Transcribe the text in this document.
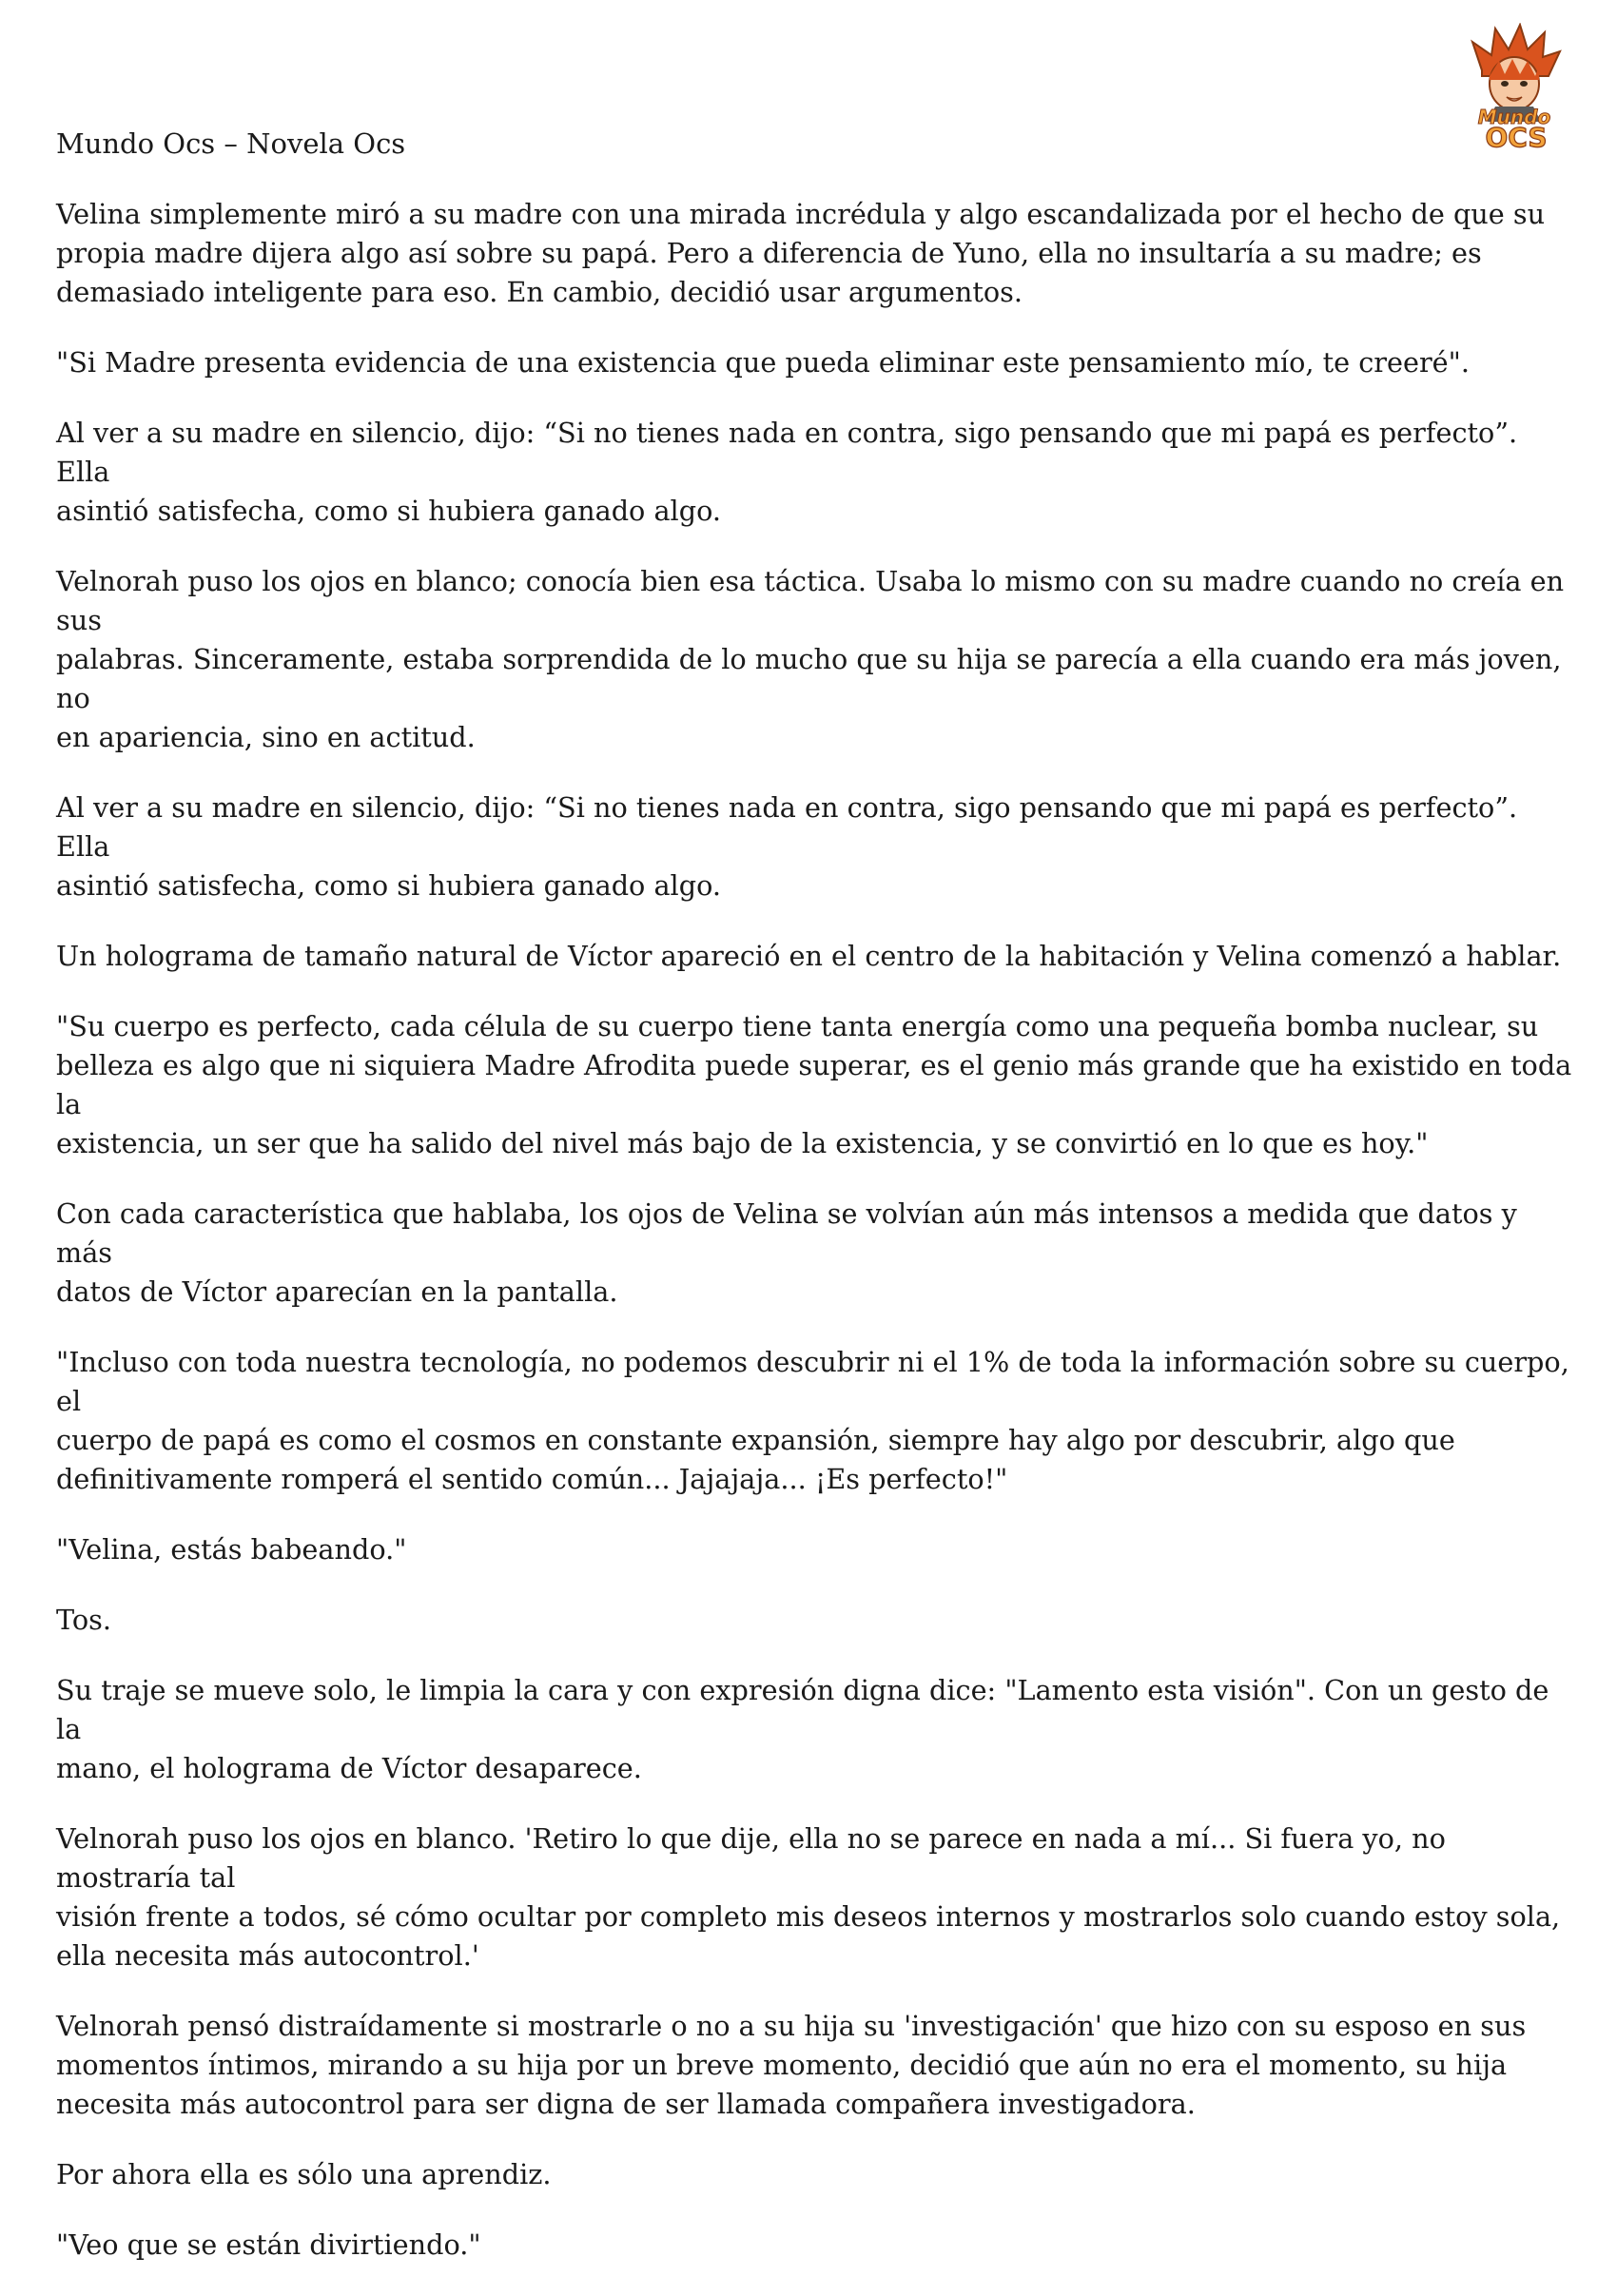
Mundo
OCS
Mundo Ocs – Novela Ocs

Velina simplemente miró a su madre con una mirada incrédula y algo escandalizada por el hecho de que su
propia madre dijera algo así sobre su papá. Pero a diferencia de Yuno, ella no insultaría a su madre; es
demasiado inteligente para eso. En cambio, decidió usar argumentos.

"Si Madre presenta evidencia de una existencia que pueda eliminar este pensamiento mío, te creeré".

Al ver a su madre en silencio, dijo: “Si no tienes nada en contra, sigo pensando que mi papá es perfecto”. Ella
asintió satisfecha, como si hubiera ganado algo.

Velnorah puso los ojos en blanco; conocía bien esa táctica. Usaba lo mismo con su madre cuando no creía en sus
palabras. Sinceramente, estaba sorprendida de lo mucho que su hija se parecía a ella cuando era más joven, no
en apariencia, sino en actitud.

Al ver a su madre en silencio, dijo: “Si no tienes nada en contra, sigo pensando que mi papá es perfecto”. Ella
asintió satisfecha, como si hubiera ganado algo.

Un holograma de tamaño natural de Víctor apareció en el centro de la habitación y Velina comenzó a hablar.

"Su cuerpo es perfecto, cada célula de su cuerpo tiene tanta energía como una pequeña bomba nuclear, su
belleza es algo que ni siquiera Madre Afrodita puede superar, es el genio más grande que ha existido en toda la
existencia, un ser que ha salido del nivel más bajo de la existencia, y se convirtió en lo que es hoy."

Con cada característica que hablaba, los ojos de Velina se volvían aún más intensos a medida que datos y más
datos de Víctor aparecían en la pantalla.

"Incluso con toda nuestra tecnología, no podemos descubrir ni el 1% de toda la información sobre su cuerpo, el
cuerpo de papá es como el cosmos en constante expansión, siempre hay algo por descubrir, algo que
definitivamente romperá el sentido común... Jajajaja... ¡Es perfecto!"

"Velina, estás babeando."

Tos.

Su traje se mueve solo, le limpia la cara y con expresión digna dice: "Lamento esta visión". Con un gesto de la
mano, el holograma de Víctor desaparece.

Velnorah puso los ojos en blanco. 'Retiro lo que dije, ella no se parece en nada a mí... Si fuera yo, no mostraría tal
visión frente a todos, sé cómo ocultar por completo mis deseos internos y mostrarlos solo cuando estoy sola,
ella necesita más autocontrol.'

Velnorah pensó distraídamente si mostrarle o no a su hija su 'investigación' que hizo con su esposo en sus
momentos íntimos, mirando a su hija por un breve momento, decidió que aún no era el momento, su hija
necesita más autocontrol para ser digna de ser llamada compañera investigadora.

Por ahora ella es sólo una aprendiz.

"Veo que se están divirtiendo."
